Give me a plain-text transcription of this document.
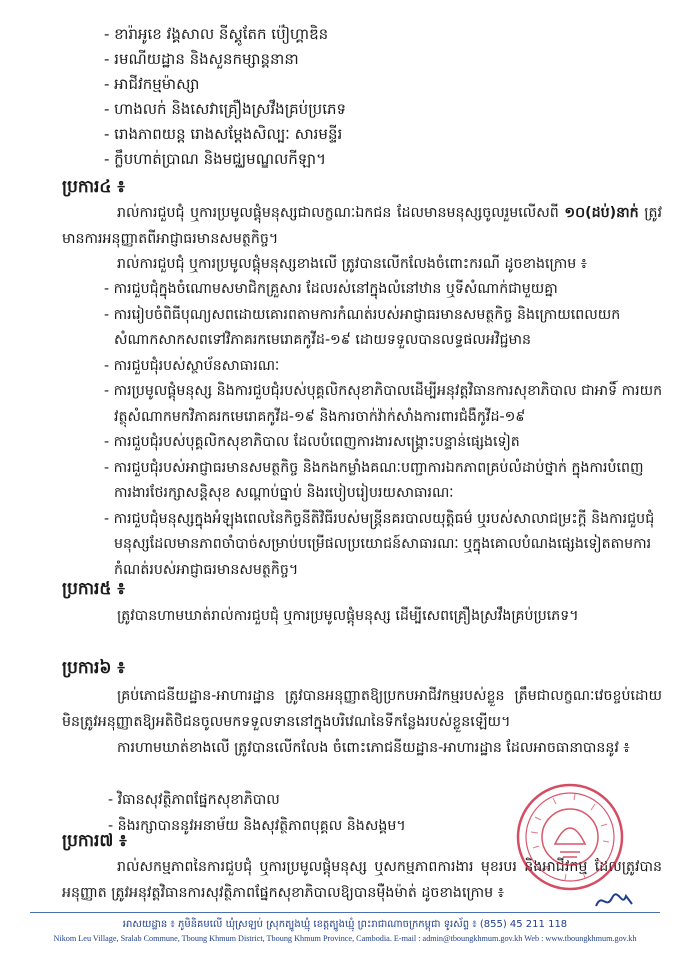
- ខារ៉ាអូខេ វង្គសាល នីស្គូតែក ប៉ៀហ្គាឌិន
- រមណីយដ្ឋាន និងសួនកម្សាន្តនានា
- អាជីវកម្មម៉ាស្សា
- ហាងលក់ និងសេវាគ្រឿងស្រវឹងគ្រប់ប្រភេទ
- រោងភាពយន្ត រោងសម្តែងសិល្បៈ សារមន្ទីរ
- ក្លឹបហាត់ប្រាណ និងមជ្ឈមណ្ឌលកីឡា។
ប្រការ៤ ៖
រាល់ការជួបជុំ ឬការប្រមូលផ្តុំមនុស្សជាលក្ខណៈឯកជន ដែលមានមនុស្សចូលរួមលើសពី ១០(ដប់)នាក់ ត្រូវមានការអនុញ្ញាតពីអាជ្ញាធរមានសមត្ថកិច្ច។
រាល់ការជួបជុំ ឬការប្រមូលផ្តុំមនុស្សខាងលើ ត្រូវបានលើកលែងចំពោះករណី ដូចខាងក្រោម ៖
- ការជួបជុំក្នុងចំណោមសមាជិកគ្រួសារ ដែលរស់នៅក្នុងលំនៅឋាន ឬទីសំណាក់ជាមួយគ្នា
- ការរៀបចំពិធីបុណ្យសពដោយគោរពតាមការកំណត់របស់អាជ្ញាធរមានសមត្ថកិច្ច និងក្រោយពេលយកសំណាកសាកសពទៅវិភាគរកមេរោគកូវីដ-១៩ ដោយទទួលបានលទ្ធផលអវិជ្ជមាន
- ការជួបជុំរបស់ស្ថាប័នសាធារណៈ
- ការប្រមូលផ្តុំមនុស្ស និងការជួបជុំរបស់បុគ្គលិកសុខាភិបាលដើម្បីអនុវត្តវិធានការសុខាភិបាល ជាអាទិ៍ ការយកវត្ថុសំណាកមកវិភាគរកមេរោគកូវីដ-១៩ និងការចាក់វ៉ាក់សាំងការពារជំងឺកូវីដ-១៩
- ការជួបជុំរបស់បុគ្គលិកសុខាភិបាល ដែលបំពេញការងារសង្គ្រោះបន្ទាន់ផ្សេងទៀត
- ការជួបជុំរបស់អាជ្ញាធរមានសមត្ថកិច្ច និងកងកម្លាំងគណៈបញ្ជាការឯកភាពគ្រប់លំដាប់ថ្នាក់ ក្នុងការបំពេញការងារថែរក្សាសន្តិសុខ សណ្តាប់ធ្នាប់ និងរបៀបរៀបរយសាធារណៈ
- ការជួបជុំមនុស្សក្នុងអំឡុងពេលនៃកិច្ចនីតិវិធីរបស់មន្ត្រីនគរបាលយុត្តិធម៌ ឬរបស់សាលាជម្រះក្តី និងការជួបជុំមនុស្សដែលមានភាពចាំបាច់សម្រាប់បម្រើផលប្រយោជន៍សាធារណៈ ឬក្នុងគោលបំណងផ្សេងទៀតតាមការកំណត់របស់អាជ្ញាធរមានសមត្ថកិច្ច។
ប្រការ៥ ៖
ត្រូវបានហាមឃាត់រាល់ការជួបជុំ ឬការប្រមូលផ្តុំមនុស្ស ដើម្បីសេពគ្រឿងស្រវឹងគ្រប់ប្រភេទ។
ប្រការ៦ ៖
គ្រប់ភោជនីយដ្ឋាន-អាហារដ្ឋាន ត្រូវបានអនុញ្ញាតឱ្យប្រកបអាជីវកម្មរបស់ខ្លួន ត្រឹមជាលក្ខណៈវេចខ្ចប់ដោយមិនត្រូវអនុញ្ញាតឱ្យអតិថិជនចូលមកទទួលទាននៅក្នុងបរិវេណនៃទីកន្លែងរបស់ខ្លួនឡើយ។
ការហាមឃាត់ខាងលើ ត្រូវបានលើកលែង ចំពោះភោជនីយដ្ឋាន-អាហារដ្ឋាន ដែលអាចធានាបាននូវ ៖
- វិធានសុវត្ថិភាពផ្នែកសុខាភិបាល
- និងរក្សាបាននូវអនាម័យ និងសុវត្ថិភាពបុគ្គល និងសង្គម។
ប្រការ៧ ៖
រាល់សកម្មភាពនៃការជួបជុំ ឬការប្រមូលផ្តុំមនុស្ស ឬសកម្មភាពការងារ មុខរបរ និងអាជីវកម្ម ដែលត្រូវបានអនុញ្ញាត ត្រូវអនុវត្តវិធានការសុវត្ថិភាពផ្នែកសុខាភិបាលឱ្យបានម៉ឺងម៉ាត់ ដូចខាងក្រោម ៖
អាសយដ្ឋាន ៖ ភូមិនិគមលើ ឃុំស្រឡប់ ស្រុកត្បូងឃ្មុំ ខេត្តត្បូងឃ្មុំ ព្រះរាជាណាចក្រកម្ពុជា ទូរស័ព្ទ ៖ (855) 45 211 118
Nikom Leu Village, Sralab Commune, Tboung Khmum District, Tboung Khmum Province, Cambodia. E-mail : admin@tboungkhmum.gov.kh Web : www.tboungkhmum.gov.kh
